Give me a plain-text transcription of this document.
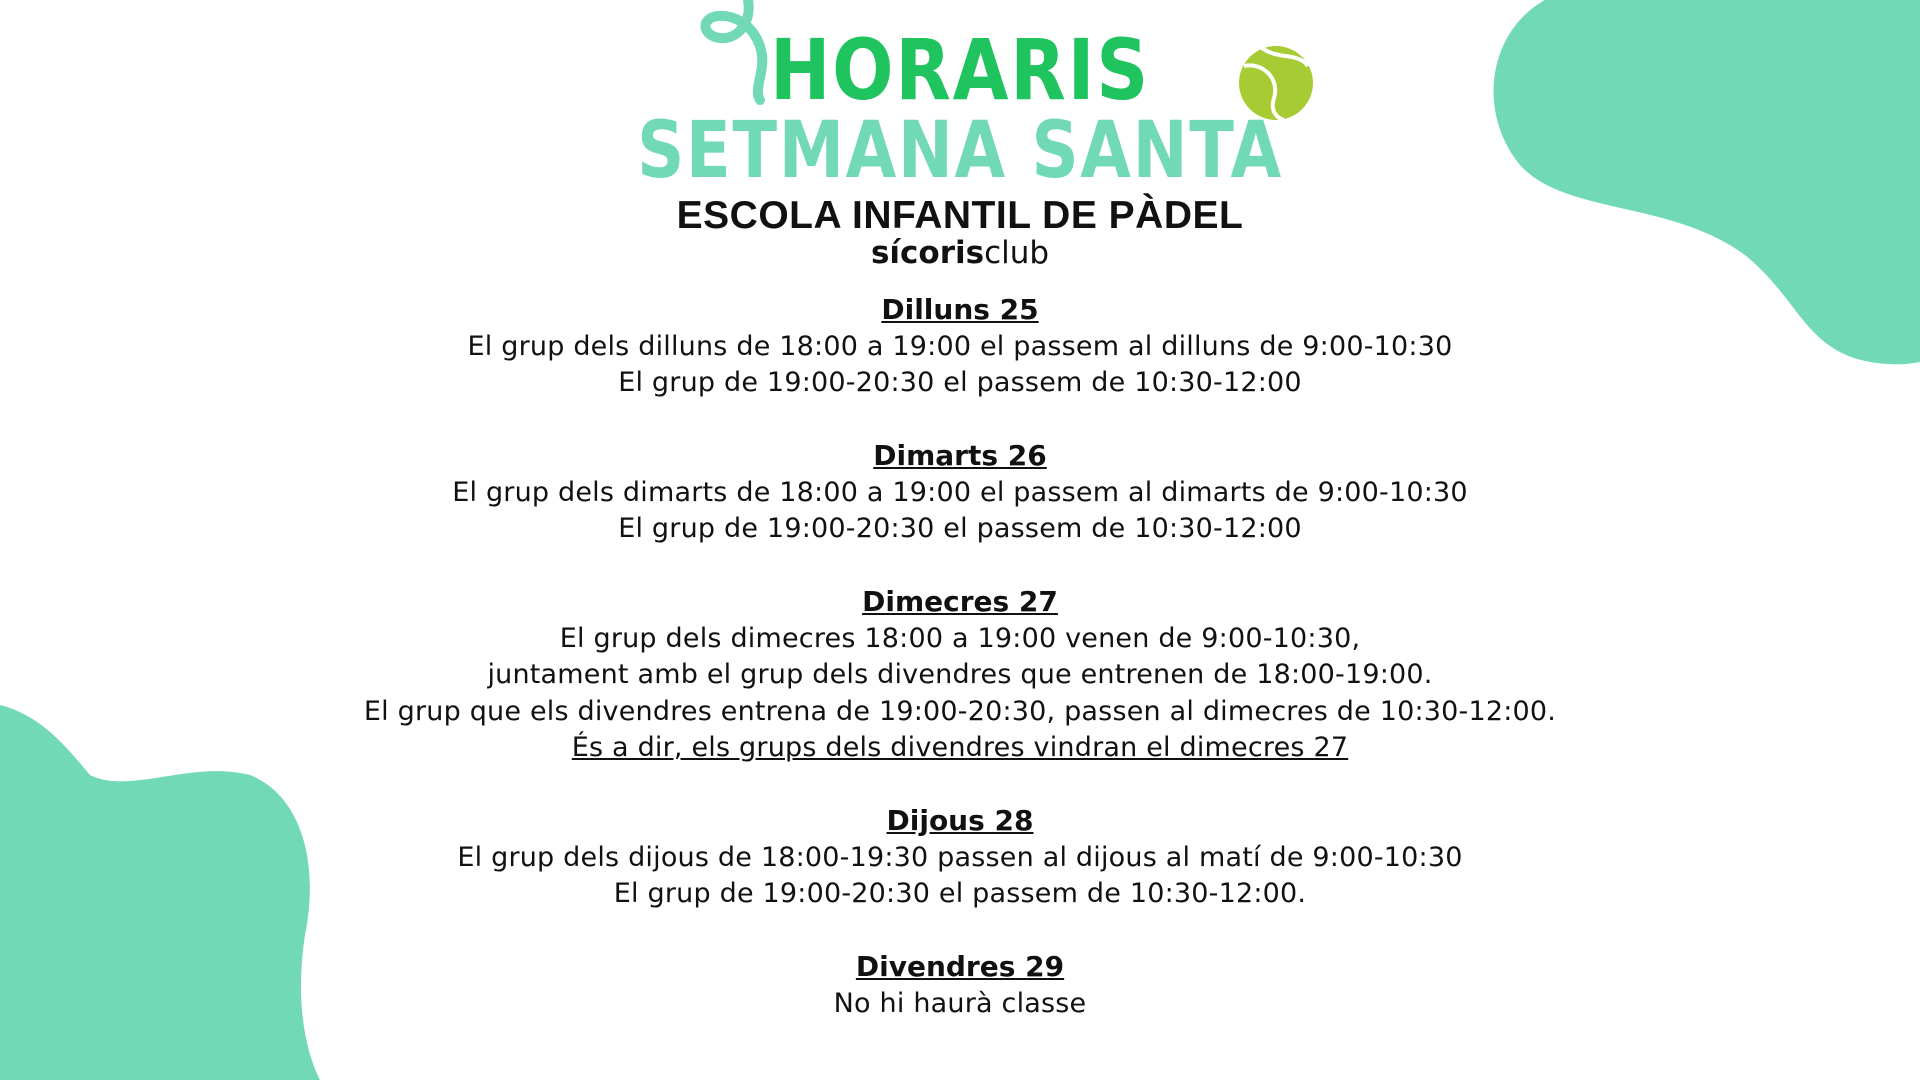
HORARIS
SETMANA SANTA
ESCOLA INFANTIL DE PÀDEL
sícorisclub

Dilluns 25

El grup dels dilluns de 18:00 a 19:00 el passem al dilluns de 9:00-10:30

El grup de 19:00-20:30 el passem de 10:30-12:00

Dimarts 26

El grup dels dimarts de 18:00 a 19:00 el passem al dimarts de 9:00-10:30

El grup de 19:00-20:30 el passem de 10:30-12:00

Dimecres 27

El grup dels dimecres 18:00 a 19:00 venen de 9:00-10:30,

juntament amb el grup dels divendres que entrenen de 18:00-19:00.

El grup que els divendres entrena de 19:00-20:30, passen al dimecres de 10:30-12:00.

És a dir, els grups dels divendres vindran el dimecres 27

Dijous 28

El grup dels dijous de 18:00-19:30 passen al dijous al matí de 9:00-10:30

El grup de 19:00-20:30 el passem de 10:30-12:00.

Divendres 29

No hi haurà classe
